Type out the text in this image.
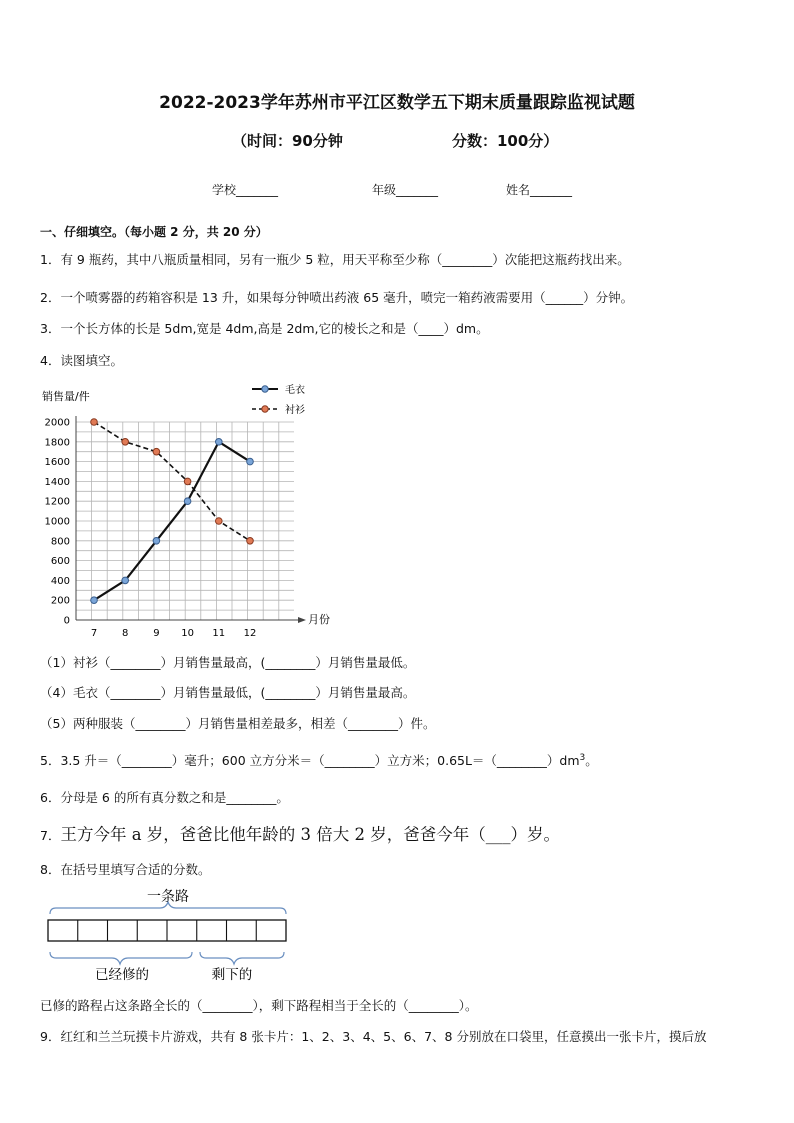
2022-2023学年苏州市平江区数学五下期末质量跟踪监视试题
（时间：90分钟	分数：100分）
学校_______	年级_______	姓名_______
一、仔细填空。（每小题 2 分，共 20 分）
1．有 9 瓶药，其中八瓶质量相同，另有一瓶少 5 粒，用天平称至少称（________）次能把这瓶药找出来。
2．一个喷雾器的药箱容积是 13 升，如果每分钟喷出药液 65 毫升，喷完一箱药液需要用（______）分钟。
3．一个长方体的长是 5dm,宽是 4dm,高是 2dm,它的棱长之和是（____）dm。
4．读图填空。
0
200
400
600
800
1000
1200
1400
1600
1800
2000
7 8 9 10 11 12
销售量/件
月份
毛衣
衬衫
（1）衬衫（________）月销售量最高，(________）月销售量最低。
（4）毛衣（________）月销售量最低，(________）月销售量最高。
（5）两种服装（________）月销售量相差最多，相差（________）件。
5．3.5 升＝（________）毫升；600 立方分米＝（________）立方米；$0.65L=(\_\_\_\_\_\_\_\_)dm^3$。
6．分母是 6 的所有真分数之和是________。
7．王方今年 a 岁，爸爸比他年龄的 3 倍大 2 岁，爸爸今年（___）岁。
8．在括号里填写合适的分数。
一条路
已经修的	剩下的
已修的路程占这条路全长的（________），剩下路程相当于全长的（________）。
9．红红和兰兰玩摸卡片游戏，共有 8 张卡片：1、2、3、4、5、6、7、8 分别放在口袋里，任意摸出一张卡片，摸后放
